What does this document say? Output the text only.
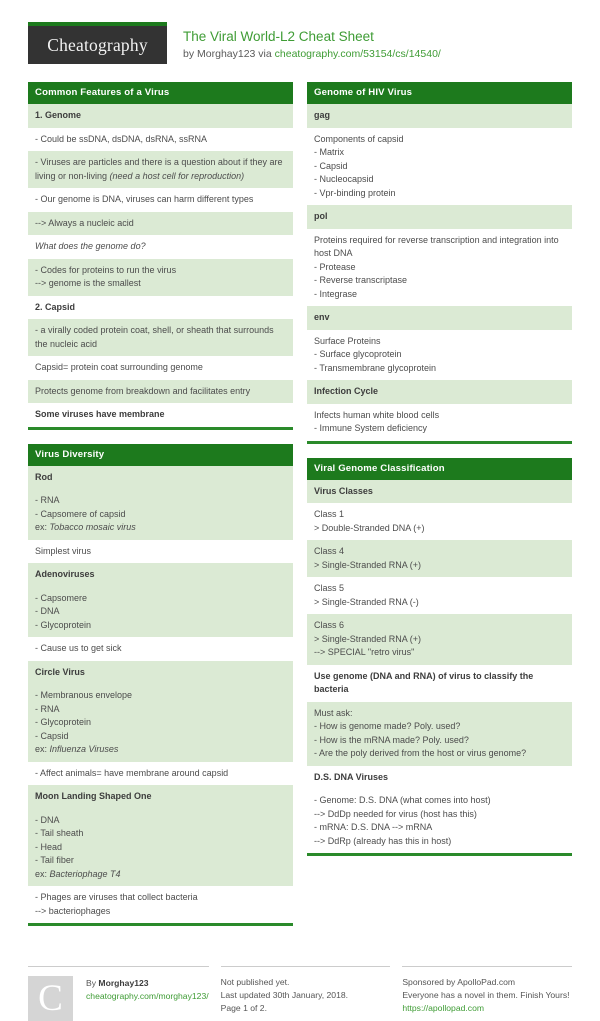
Cheatography	The Viral World-L2 Cheat Sheet
by Morghay123 via cheatography.com/53154/cs/14540/
Common Features of a Virus
1. Genome
- Could be ssDNA, dsDNA, dsRNA, ssRNA
- Viruses are particles and there is a question about if they are living or non-living (need a host cell for reproduction)
- Our genome is DNA, viruses can harm different types
--> Always a nucleic acid
What does the genome do?
- Codes for proteins to run the virus
--> genome is the smallest
2. Capsid
- a virally coded protein coat, shell, or sheath that surrounds the nucleic acid
Capsid= protein coat surrounding genome
Protects genome from breakdown and facilitates entry
Some viruses have membrane
Virus Diversity
Rod
- RNA
- Capsomere of capsid
ex: Tobacco mosaic virus
Simplest virus
Adenoviruses
- Capsomere
- DNA
- Glycoprotein
- Cause us to get sick
Circle Virus
- Membranous envelope
- RNA
- Glycoprotein
- Capsid
ex: Influenza Viruses
- Affect animals= have membrane around capsid
Moon Landing Shaped One
- DNA
- Tail sheath
- Head
- Tail fiber
ex: Bacteriophage T4
- Phages are viruses that collect bacteria
--> bacteriophages
Genome of HIV Virus
gag
Components of capsid
- Matrix
- Capsid
- Nucleocapsid
- Vpr-binding protein
pol
Proteins required for reverse transcription and integration into host DNA
- Protease
- Reverse transcriptase
- Integrase
env
Surface Proteins
- Surface glycoprotein
- Transmembrane glycoprotein
Infection Cycle
Infects human white blood cells
- Immune System deficiency
Viral Genome Classification
Virus Classes
Class 1
> Double-Stranded DNA (+)
Class 4
> Single-Stranded RNA (+)
Class 5
> Single-Stranded RNA (-)
Class 6
> Single-Stranded RNA (+)
--> SPECIAL "retro virus"
Use genome (DNA and RNA) of virus to classify the bacteria
Must ask:
- How is genome made? Poly. used?
- How is the mRNA made? Poly. used?
- Are the poly derived from the host or virus genome?
D.S. DNA Viruses
- Genome: D.S. DNA (what comes into host)
--> DdDp needed for virus (host has this)
- mRNA: D.S. DNA --> mRNA
--> DdRp (already has this in host)
C	By Morghay123
cheatography.com/morghay123/
Not published yet.
Last updated 30th January, 2018.
Page 1 of 2.
Sponsored by ApolloPad.com
Everyone has a novel in them. Finish Yours!
https://apollopad.com
